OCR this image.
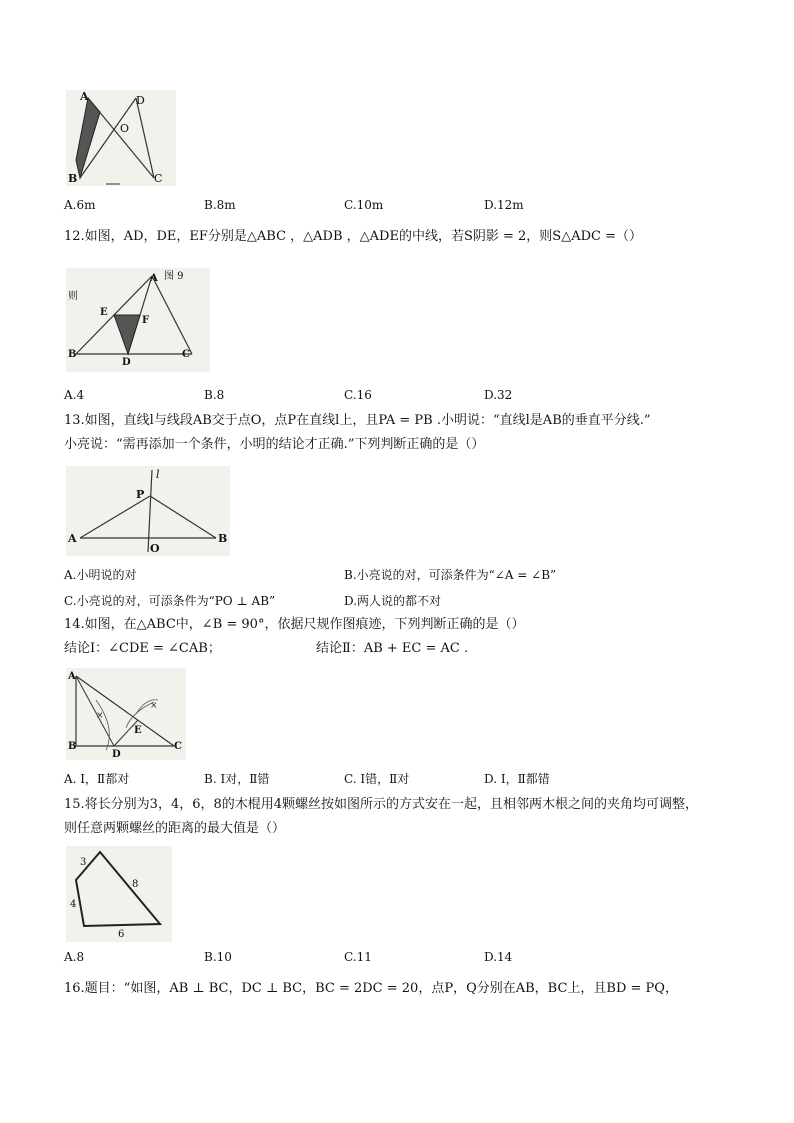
A
B	C
D
O
A.6m	B.8m	C.10m	D.12m
12.如图，AD，DE，EF分别是△ABC ，△ADB ，△ADE的中线，若S阴影 = 2，则S△ADC =（）
A 图 9
则
B	C
D
E
F
A.4	B.8	C.16	D.32
13.如图，直线l与线段AB交于点O，点P在直线l上，且PA = PB .小明说：“直线l是AB的垂直平分线.”
小亮说：“需再添加一个条件，小明的结论才正确.”下列判断正确的是（）
A	B
O
P
l
A.小明说的对	B.小亮说的对，可添条件为“∠A = ∠B”
C.小亮说的对，可添条件为“PO ⊥ AB”	D.两人说的都不对
14.如图，在△ABC中，∠B = 90°，依据尺规作图痕迹，下列判断正确的是（）
结论Ⅰ：∠CDE = ∠CAB；	结论Ⅱ：AB + EC = AC .
×
×
A
B	C
D
E
A. Ⅰ，Ⅱ都对	B. Ⅰ对，Ⅱ错	C. Ⅰ错，Ⅱ对	D. Ⅰ，Ⅱ都错
15.将长分别为3，4，6，8的木棍用4颗螺丝按如图所示的方式安在一起，且相邻两木根之间的夹角均可调整，
则任意两颗螺丝的距离的最大值是（）
3
4
6
8
A.8	B.10	C.11	D.14
16.题目：“如图，AB ⊥ BC，DC ⊥ BC，BC = 2DC = 20，点P，Q分别在AB，BC上，且BD = PQ，
